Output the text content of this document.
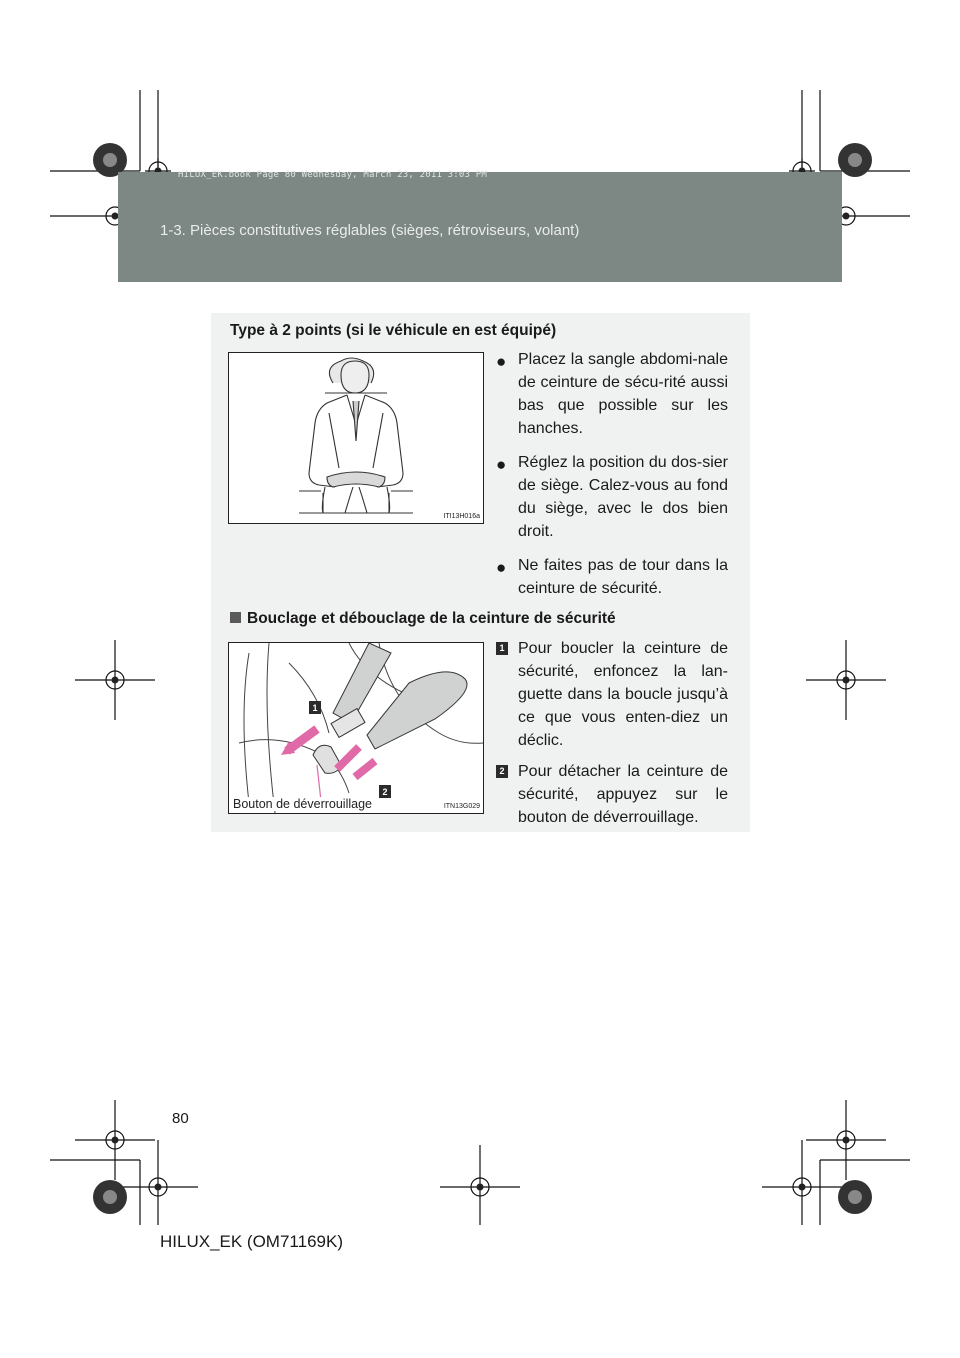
HILUX_EK.book Page 80 Wednesday, March 23, 2011 3:03 PM
1-3. Pièces constitutives réglables (sièges, rétroviseurs, volant)
Type à 2 points (si le véhicule en est équipé)
ITI13H016a
● Placez la sangle abdomi-nale de ceinture de sécu-rité aussi bas que possible sur les hanches.
● Réglez la position du dos-sier de siège. Calez-vous au fond du siège, avec le dos bien droit.
● Ne faites pas de tour dans la ceinture de sécurité.
Bouclage et débouclage de la ceinture de sécurité
1
2
ITN13G029
Bouton de déverrouillage
1 Pour boucler la ceinture de sécurité, enfoncez la lan-guette dans la boucle jusqu’à ce que vous enten-diez un déclic.
2 Pour détacher la ceinture de sécurité, appuyez sur le bouton de déverrouillage.
80
HILUX_EK (OM71169K)
